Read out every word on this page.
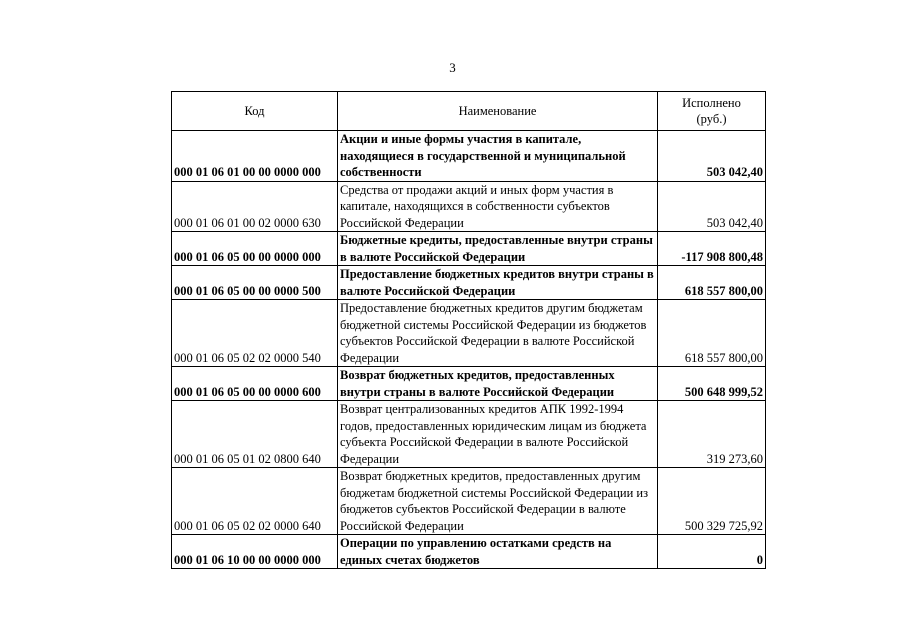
3
Код	Наименование	Исполнено
(руб.)
000 01 06 01 00 00 0000 000	Акции и иные формы участия в капитале, находящиеся в государственной и муниципальной собственности	503 042,40
000 01 06 01 00 02 0000 630	Средства от продажи акций и иных форм участия в капитале, находящихся в собственности субъектов Российской Федерации	503 042,40
000 01 06 05 00 00 0000 000	Бюджетные кредиты, предоставленные внутри страны в валюте Российской Федерации	-117 908 800,48
000 01 06 05 00 00 0000 500	Предоставление бюджетных кредитов внутри страны в валюте Российской Федерации	618 557 800,00
000 01 06 05 02 02 0000 540	Предоставление бюджетных кредитов другим бюджетам бюджетной системы Российской Федерации из бюджетов субъектов Российской Федерации в валюте Российской Федерации	618 557 800,00
000 01 06 05 00 00 0000 600	Возврат бюджетных кредитов, предоставленных внутри страны в валюте Российской Федерации	500 648 999,52
000 01 06 05 01 02 0800 640	Возврат централизованных кредитов АПК 1992-1994 годов, предоставленных юридическим лицам из бюджета субъекта Российской Федерации в валюте Российской Федерации	319 273,60
000 01 06 05 02 02 0000 640	Возврат бюджетных кредитов, предоставленных другим бюджетам бюджетной системы Российской Федерации из бюджетов субъектов Российской Федерации в валюте Российской Федерации	500 329 725,92
000 01 06 10 00 00 0000 000	Операции по управлению остатками средств на единых счетах бюджетов	0
